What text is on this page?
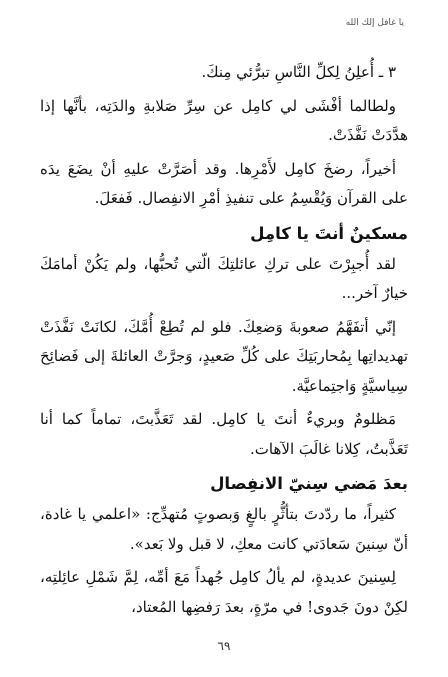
يا غافل إلك الله

٣ ـ أُعلِنُ لِكلِّ النَّاسِ تبرُّئي مِنكَ.

ولطالما أفْشَى لي كامِل عن سِرِّ صَلابةِ والدَتِه، بأنَّها إذا هدَّدَتْ نَفَّذَتْ.

أخيراً، رضخَ كامِل لأَمْرِها. وقد أصَرَّتْ عليهِ أنْ يضَعَ يدَه على القرآن وَيُقْسِمُ على تنفيذِ أمْرِ الانفِصال. فَفعَلَ.

مسكينٌ أنتَ يا كامِل

لقد أُجبِرْتَ على تركِ عائلتِكَ الّتي تُحبُّها، ولم يَكُنْ أمامَكَ خيارٌ آخر...

إنّي أتفَهَّمُ صعوبةَ وَضعِكَ. فلو لم تُطِعْ أُمَّكَ، لكانَتْ نَفَّذَتْ تهديداتِها بِمُحاربَتِكَ على كُلِّ صَعيدٍ، وَجرَّتْ العائلةَ إلى فَضائِحَ سِياسيَّةٍ وَاجتِماعيَّة.

مَظلومٌ وبريءٌ أنتَ يا كامِل. لقد تَعَذَّبتَ، تماماً كما أنا تَعَذَّبتُ، كِلانا غالَبَ الآهات.

بعدَ مَضي سِنيّ الانفِصال

كثيراً، ما ردّدتَ بتأثُّرٍ بالغٍ وَبصوتٍ مُتهدِّج: «اعلمي يا غادة، أنّ سِنينَ سَعادَتي كانت معكِ، لا قبل ولا بَعد».

لِسِنينَ عديدةٍ، لم يألُ كامِل جُهداً مَعَ أمِّه، لِمَّ شَمْلِ عائِلتِه، لكِنْ دونَ جَدوى! في مرّةٍ، بعدَ رَفضِها المُعتاد،

٦٩
